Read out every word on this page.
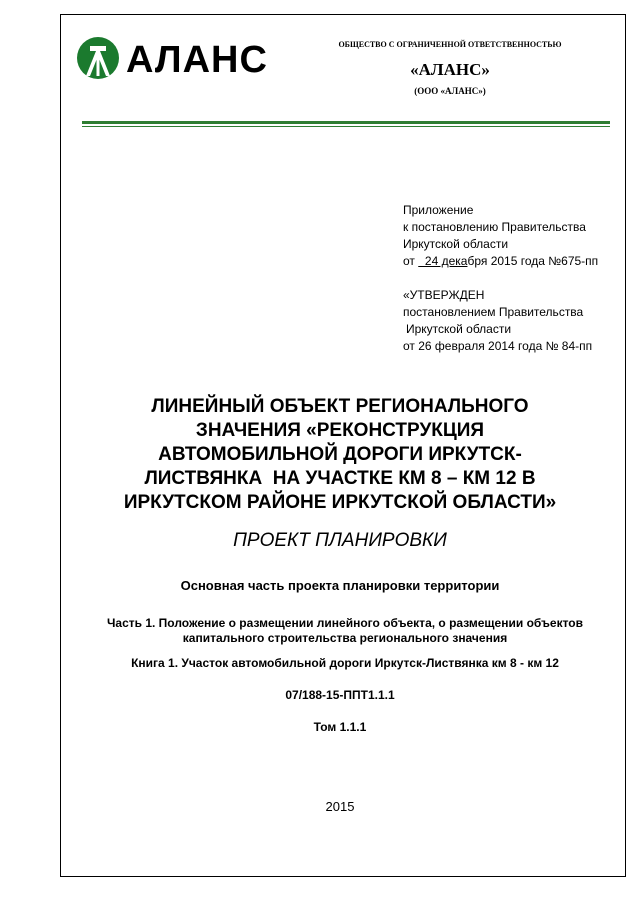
АЛАНС	ОБЩЕСТВО С ОГРАНИЧЕННОЙ ОТВЕТСТВЕННОСТЬЮ
«АЛАНС»
(ООО «АЛАНС»)
Приложение
к постановлению Правительства
Иркутской области
от   24 декабря 2015 года №675-пп
«УТВЕРЖДЕН
постановлением Правительства
Иркутской области
от 26 февраля 2014 года № 84-пп
ЛИНЕЙНЫЙ ОБЪЕКТ РЕГИОНАЛЬНОГО
ЗНАЧЕНИЯ «РЕКОНСТРУКЦИЯ
АВТОМОБИЛЬНОЙ ДОРОГИ ИРКУТСК-
ЛИСТВЯНКА  НА УЧАСТКЕ КМ 8 – КМ 12 В
ИРКУТСКОМ РАЙОНЕ ИРКУТСКОЙ ОБЛАСТИ»
ПРОЕКТ ПЛАНИРОВКИ
Основная часть проекта планировки территории
Часть 1. Положение о размещении линейного объекта, о размещении объектов
капитального строительства регионального значения
Книга 1. Участок автомобильной дороги Иркутск-Листвянка км 8 - км 12
07/188-15-ППТ1.1.1
Том 1.1.1
2015
